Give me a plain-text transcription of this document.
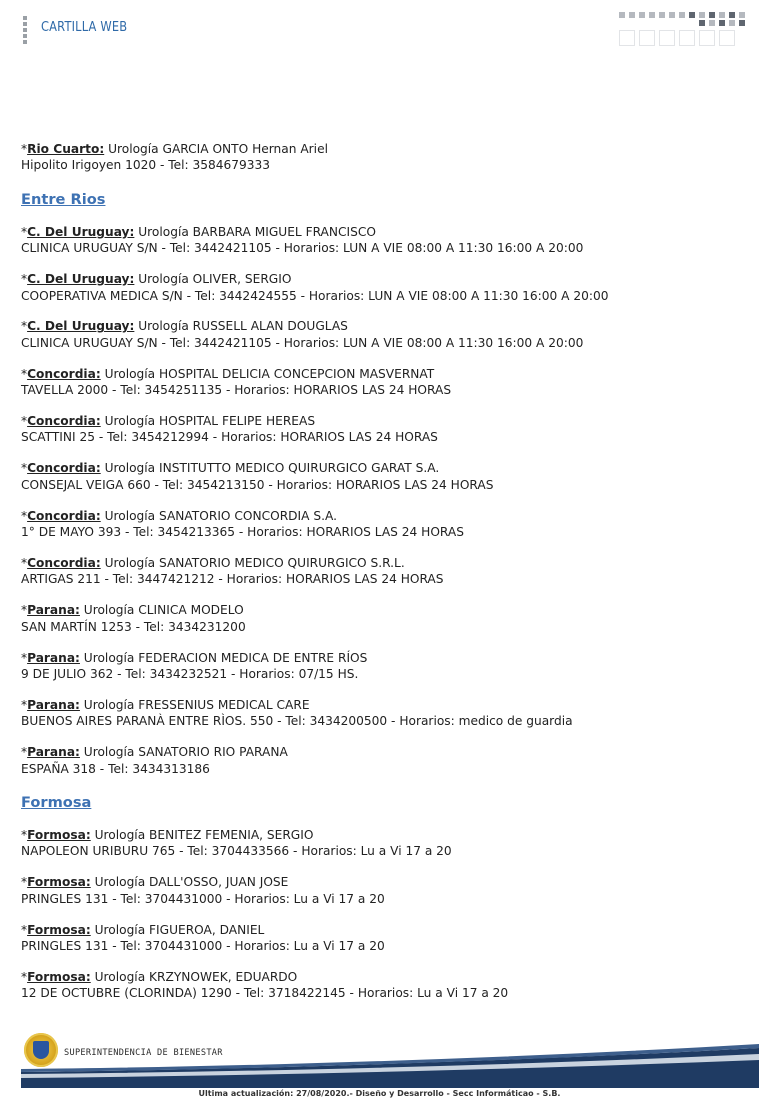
CARTILLA WEB
*Rio Cuarto: Urología GARCIA ONTO Hernan Ariel
Hipolito Irigoyen 1020 - Tel: 3584679333
Entre Rios
*C. Del Uruguay: Urología BARBARA MIGUEL FRANCISCO
CLINICA URUGUAY S/N - Tel: 3442421105 - Horarios: LUN A VIE 08:00 A 11:30 16:00 A 20:00
*C. Del Uruguay: Urología OLIVER, SERGIO
COOPERATIVA MEDICA S/N - Tel: 3442424555 - Horarios: LUN A VIE 08:00 A 11:30 16:00 A 20:00
*C. Del Uruguay: Urología RUSSELL ALAN DOUGLAS
CLINICA URUGUAY S/N - Tel: 3442421105 - Horarios: LUN A VIE 08:00 A 11:30 16:00 A 20:00
*Concordia: Urología HOSPITAL DELICIA CONCEPCION MASVERNAT
TAVELLA 2000 - Tel: 3454251135 - Horarios: HORARIOS LAS 24 HORAS
*Concordia: Urología HOSPITAL FELIPE HEREAS
SCATTINI 25 - Tel: 3454212994 - Horarios: HORARIOS LAS 24 HORAS
*Concordia: Urología INSTITUTTO MEDICO QUIRURGICO GARAT S.A.
CONSEJAL VEIGA 660 - Tel: 3454213150 - Horarios: HORARIOS LAS 24 HORAS
*Concordia: Urología SANATORIO CONCORDIA S.A.
1° DE MAYO 393 - Tel: 3454213365 - Horarios: HORARIOS LAS 24 HORAS
*Concordia: Urología SANATORIO MEDICO QUIRURGICO S.R.L.
ARTIGAS 211 - Tel: 3447421212 - Horarios: HORARIOS LAS 24 HORAS
*Parana: Urología CLINICA MODELO
SAN MARTÍN 1253 - Tel: 3434231200
*Parana: Urología FEDERACION MEDICA DE ENTRE RÍOS
9 DE JULIO 362 - Tel: 3434232521 - Horarios: 07/15 HS.
*Parana: Urología FRESSENIUS MEDICAL CARE
BUENOS AIRES PARANÀ ENTRE RÌOS. 550 - Tel: 3434200500 - Horarios: medico de guardia
*Parana: Urología SANATORIO RIO PARANA
ESPAÑA 318 - Tel: 3434313186
Formosa
*Formosa: Urología BENITEZ FEMENIA, SERGIO
NAPOLEON URIBURU 765 - Tel: 3704433566 - Horarios: Lu a Vi 17 a 20
*Formosa: Urología DALL'OSSO, JUAN JOSE
PRINGLES 131 - Tel: 3704431000 - Horarios: Lu a Vi 17 a 20
*Formosa: Urología FIGUEROA, DANIEL
PRINGLES 131 - Tel: 3704431000 - Horarios: Lu a Vi 17 a 20
*Formosa: Urología KRZYNOWEK, EDUARDO
12 DE OCTUBRE (CLORINDA) 1290 - Tel: 3718422145 - Horarios: Lu a Vi 17 a 20
SUPERINTENDENCIA DE BIENESTAR
Ultima actualización: 27/08/2020.- Diseño y Desarrollo - Secc Informáticao - S.B.
